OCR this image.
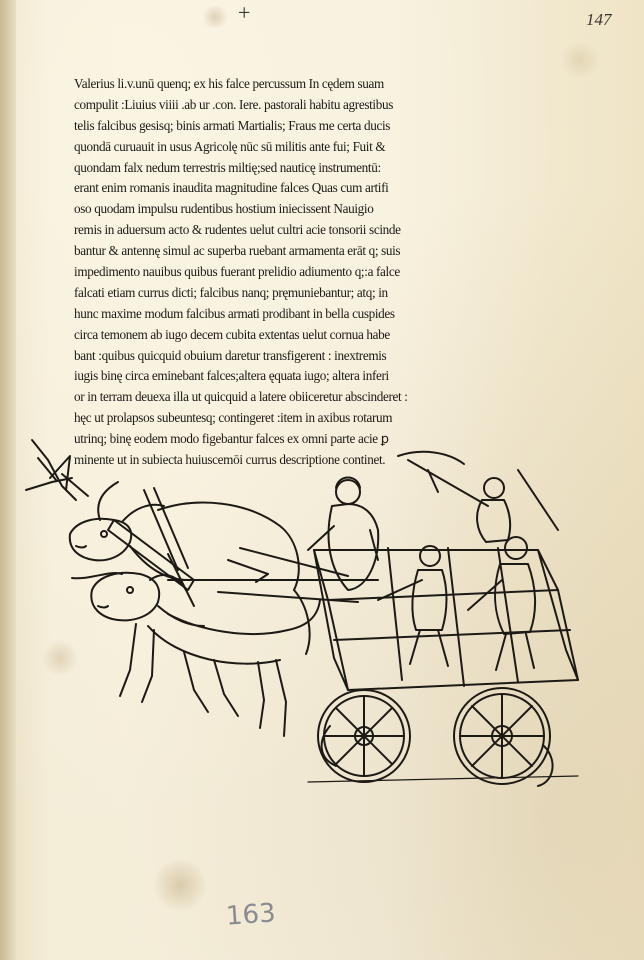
+	147
Valerius li.v.unū quenq; ex his falce percussum In cędem suam
compulit :Liuius viiii .ab ur .con. Iere. pastorali habitu agrestibus
telis falcibus gesisq; binis armati Martialis; Fraus me certa ducis
quondā curuauit in usus Agricolę nūc sū militis ante fui; Fuit &
quondam falx nedum terrestris miltię;sed nauticę instrumentū:
erant enim romanis inaudita magnitudine falces Quas cum artifi
oso quodam impulsu rudentibus hostium iniecissent Nauigio
remis in aduersum acto & rudentes uelut cultri acie tonsorii scinde
bantur & antennę simul ac superba ruebant armamenta erāt q; suis
impedimento nauibus quibus fuerant prelidio adiumento q;:a falce
falcati etiam currus dicti; falcibus nanq; pręmuniebantur; atq; in
hunc maxime modum falcibus armati prodibant in bella cuspides
circa temonem ab iugo decem cubita extentas uelut cornua habe
bant :quibus quicquid obuium daretur transfigerent : inextremis
iugis binę circa eminebant falces;altera ęquata iugo; altera inferi
or in terram deuexa illa ut quicquid a latere obiiceretur abscinderet :
hęc ut prolapsos subeuntesq; contingeret :item in axibus rotarum
utrinq; binę eodem modo figebantur falces ex omni parte acie ꝑ
minente ut in subiecta huiuscemōi currus descriptione continet.
163
